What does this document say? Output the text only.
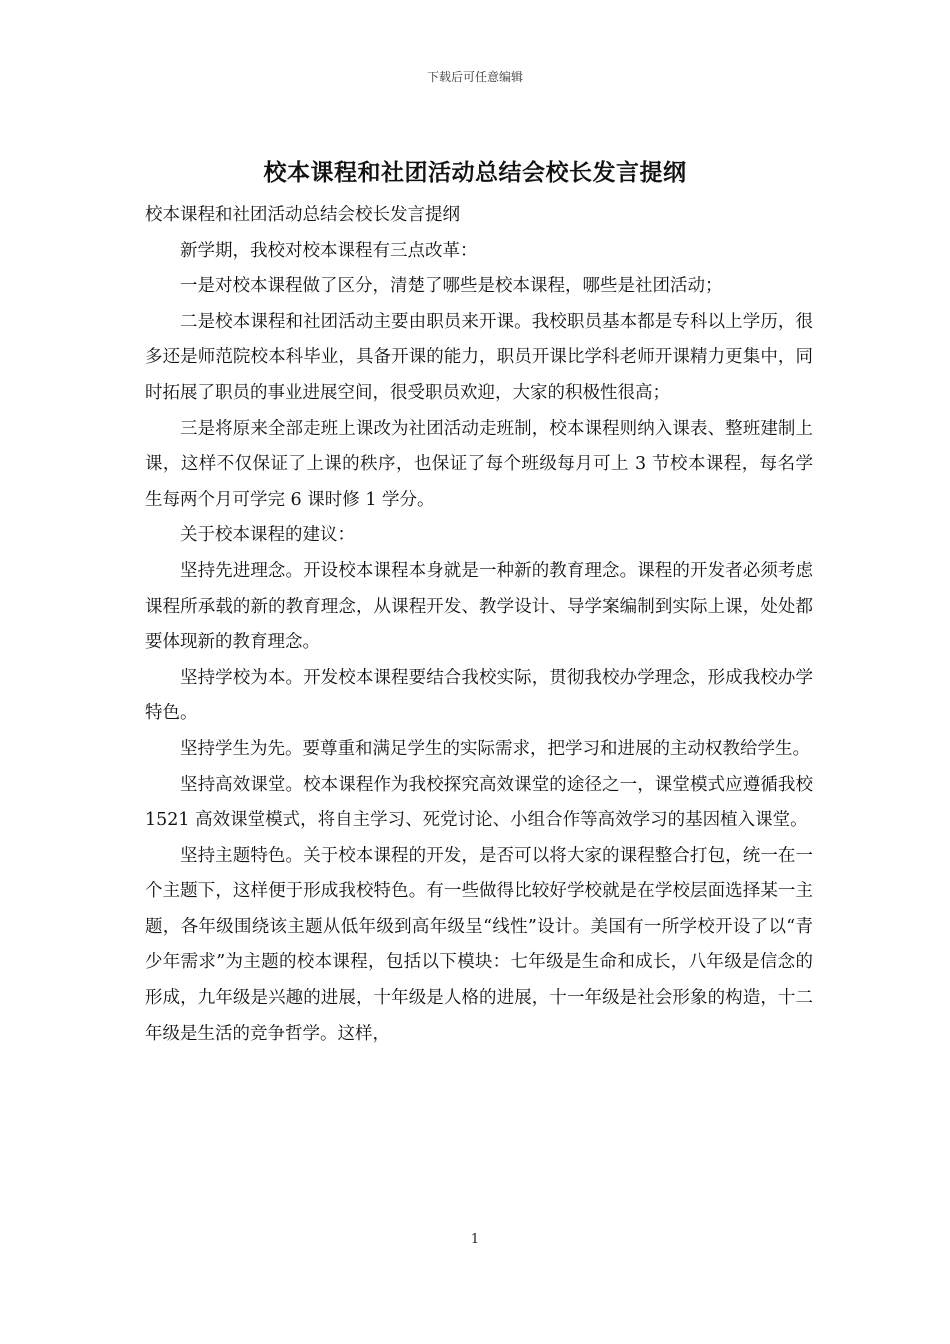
下载后可任意编辑
校本课程和社团活动总结会校长发言提纲

校本课程和社团活动总结会校长发言提纲

新学期，我校对校本课程有三点改革：

一是对校本课程做了区分，清楚了哪些是校本课程，哪些是社团活动；

二是校本课程和社团活动主要由职员来开课。我校职员基本都是专科以上学历，很多还是师范院校本科毕业，具备开课的能力，职员开课比学科老师开课精力更集中，同时拓展了职员的事业进展空间，很受职员欢迎，大家的积极性很高；

三是将原来全部走班上课改为社团活动走班制，校本课程则纳入课表、整班建制上课，这样不仅保证了上课的秩序，也保证了每个班级每月可上 3 节校本课程，每名学生每两个月可学完 6 课时修 1 学分。

关于校本课程的建议：

坚持先进理念。开设校本课程本身就是一种新的教育理念。课程的开发者必须考虑课程所承载的新的教育理念，从课程开发、教学设计、导学案编制到实际上课，处处都要体现新的教育理念。

坚持学校为本。开发校本课程要结合我校实际，贯彻我校办学理念，形成我校办学特色。

坚持学生为先。要尊重和满足学生的实际需求，把学习和进展的主动权教给学生。

坚持高效课堂。校本课程作为我校探究高效课堂的途径之一，课堂模式应遵循我校 1521 高效课堂模式，将自主学习、死党讨论、小组合作等高效学习的基因植入课堂。

坚持主题特色。关于校本课程的开发，是否可以将大家的课程整合打包，统一在一个主题下，这样便于形成我校特色。有一些做得比较好学校就是在学校层面选择某一主题，各年级围绕该主题从低年级到高年级呈“线性”设计。美国有一所学校开设了以“青少年需求”为主题的校本课程，包括以下模块：七年级是生命和成长，八年级是信念的形成，九年级是兴趣的进展，十年级是人格的进展，十一年级是社会形象的构造，十二年级是生活的竞争哲学。这样，

1
